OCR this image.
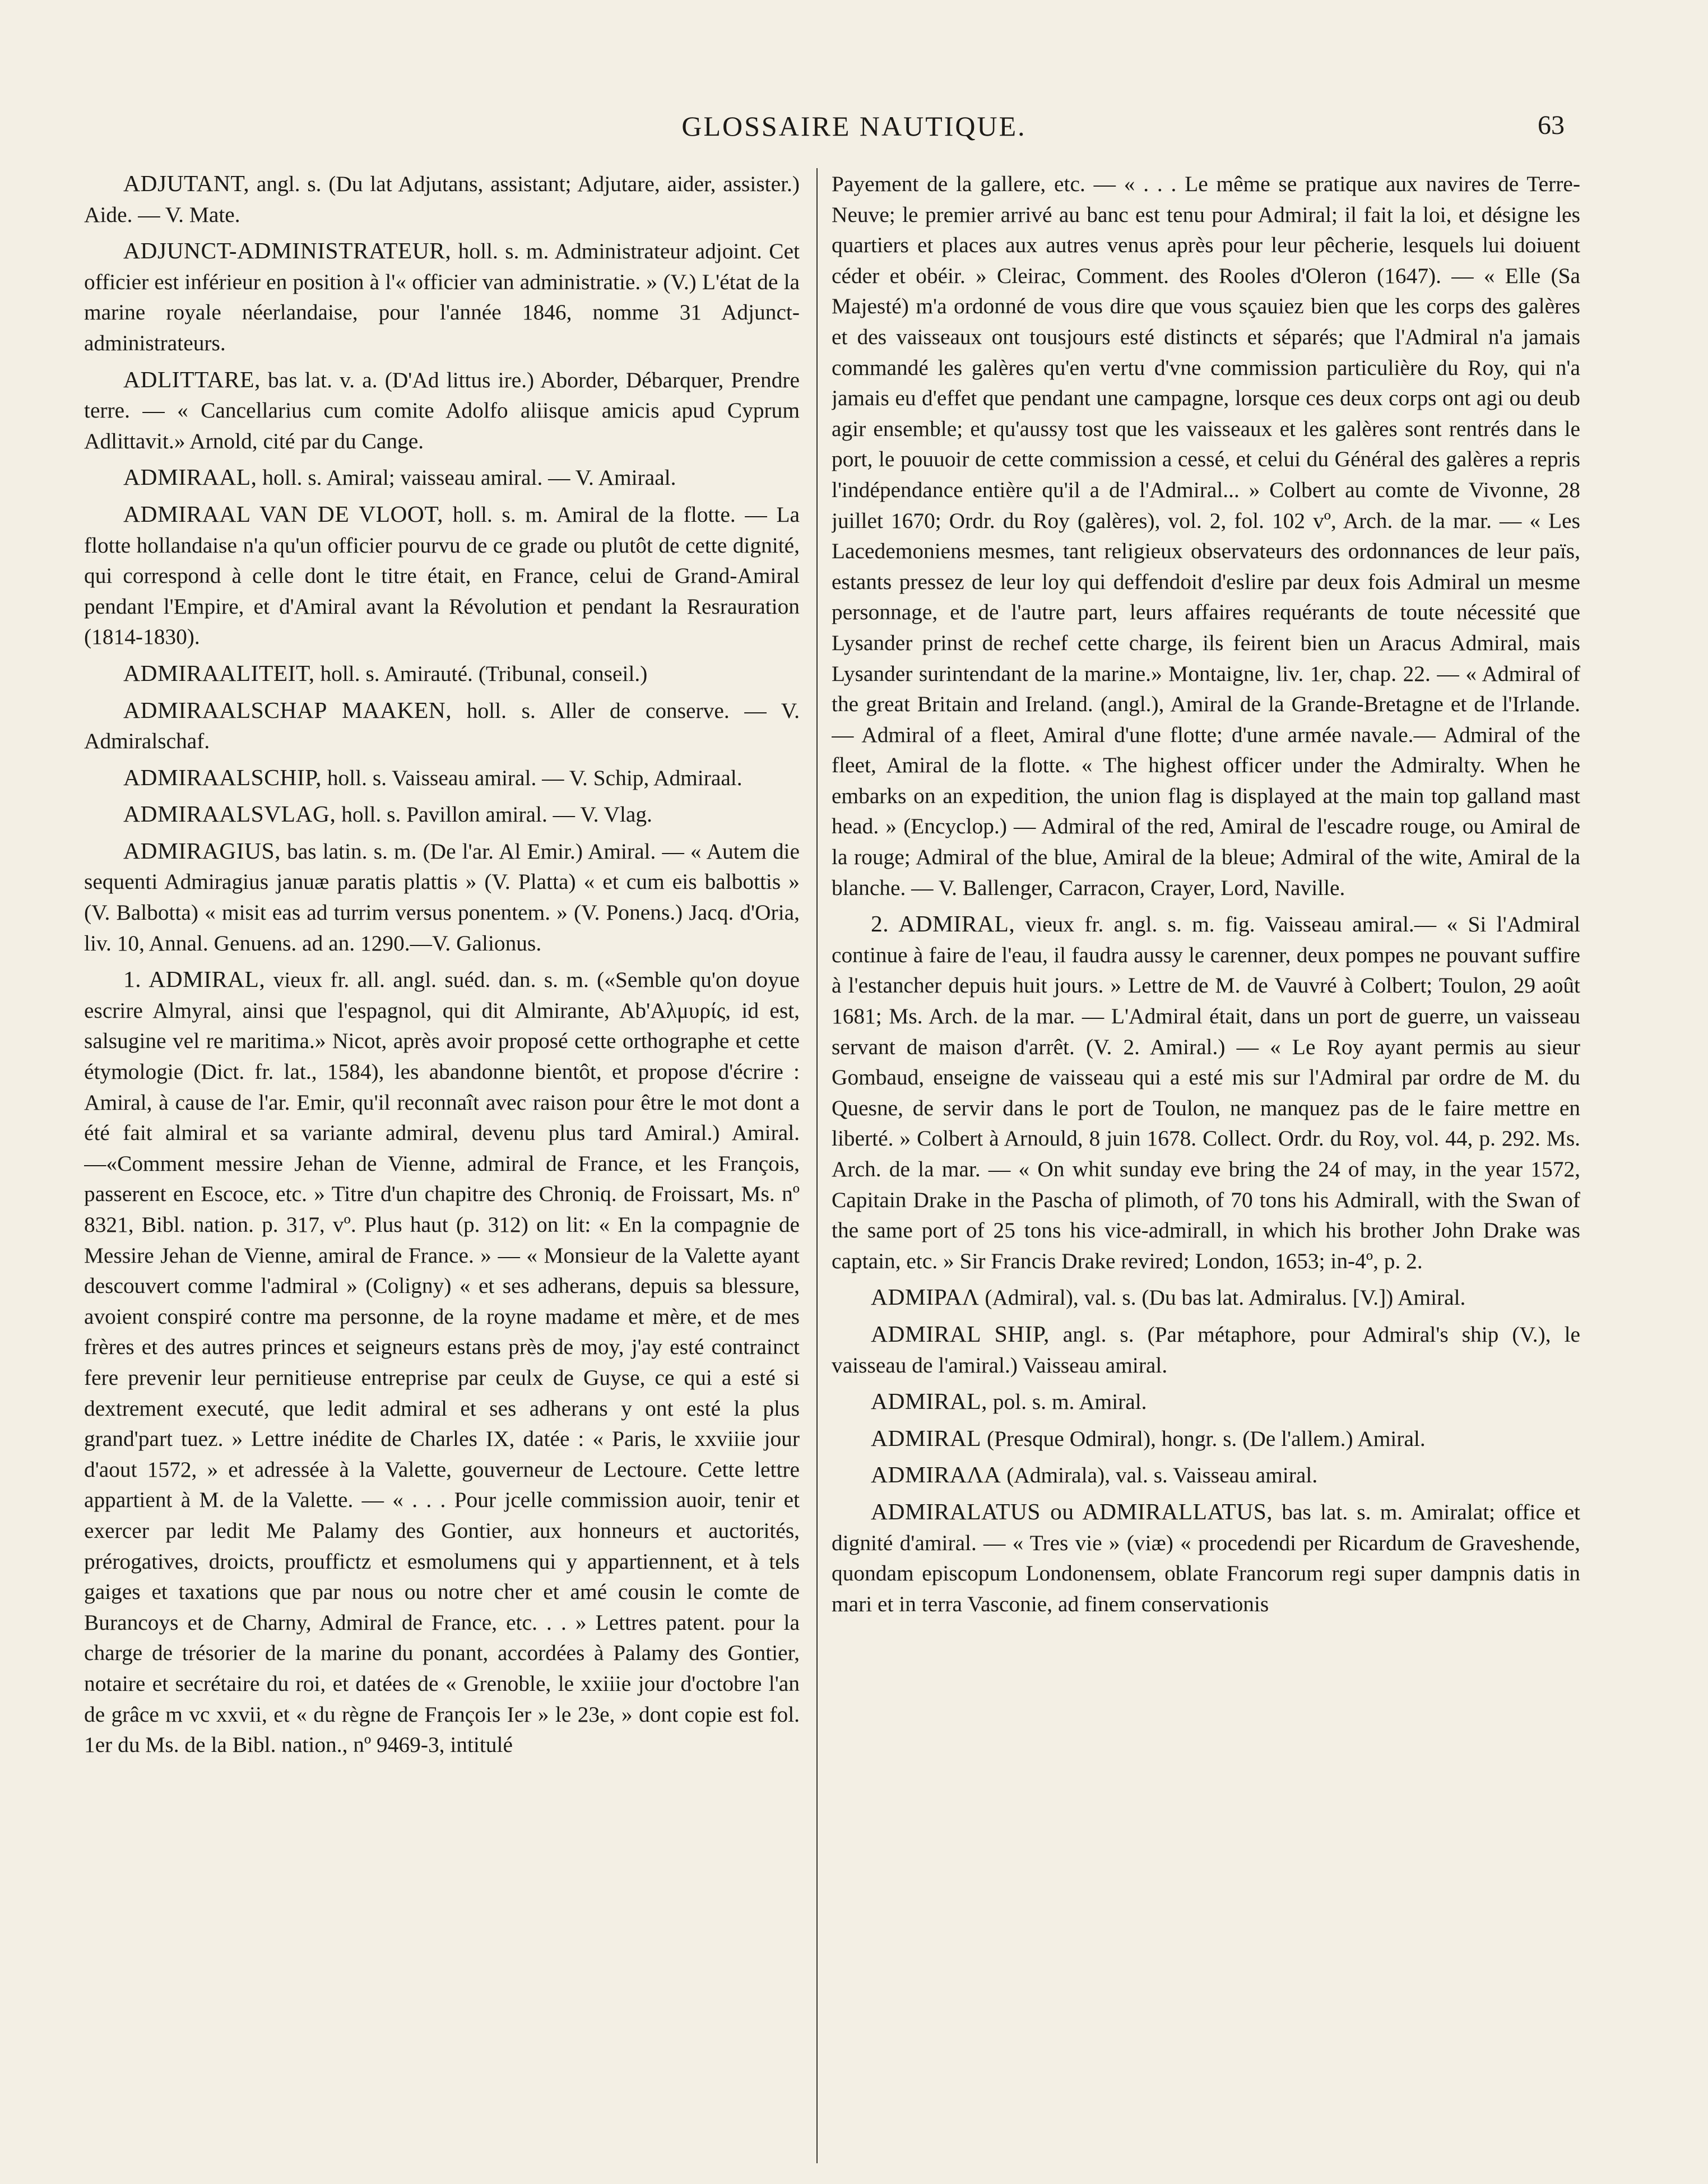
GLOSSAIRE NAUTIQUE.	63

ADJUTANT, angl. s. (Du lat Adjutans, assistant; Adjutare, aider, assister.) Aide. — V. Mate.

ADJUNCT-ADMINISTRATEUR, holl. s. m. Administrateur adjoint. Cet officier est inférieur en position à l'« officier van administratie. » (V.) L'état de la marine royale néerlandaise, pour l'année 1846, nomme 31 Adjunct-administrateurs.

ADLITTARE, bas lat. v. a. (D'Ad littus ire.) Aborder, Débarquer, Prendre terre. — « Cancellarius cum comite Adolfo aliisque amicis apud Cyprum Adlittavit.» Arnold, cité par du Cange.

ADMIRAAL, holl. s. Amiral; vaisseau amiral. — V. Amiraal.

ADMIRAAL VAN DE VLOOT, holl. s. m. Amiral de la flotte. — La flotte hollandaise n'a qu'un officier pourvu de ce grade ou plutôt de cette dignité, qui correspond à celle dont le titre était, en France, celui de Grand-Amiral pendant l'Empire, et d'Amiral avant la Révolution et pendant la Resrauration (1814-1830).

ADMIRAALITEIT, holl. s. Amirauté. (Tribunal, conseil.)

ADMIRAALSCHAP MAAKEN, holl. s. Aller de conserve. — V. Admiralschaf.

ADMIRAALSCHIP, holl. s. Vaisseau amiral. — V. Schip, Admiraal.

ADMIRAALSVLAG, holl. s. Pavillon amiral. — V. Vlag.

ADMIRAGIUS, bas latin. s. m. (De l'ar. Al Emir.) Amiral. — « Autem die sequenti Admiragius januæ paratis plattis » (V. Platta) « et cum eis balbottis » (V. Balbotta) « misit eas ad turrim versus ponentem. » (V. Ponens.) Jacq. d'Oria, liv. 10, Annal. Genuens. ad an. 1290.—V. Galionus.

1. ADMIRAL, vieux fr. all. angl. suéd. dan. s. m. («Semble qu'on doyue escrire Almyral, ainsi que l'espagnol, qui dit Almirante, Ab'Αλμυρίς, id est, salsugine vel re maritima.» Nicot, après avoir proposé cette orthographe et cette étymologie (Dict. fr. lat., 1584), les abandonne bientôt, et propose d'écrire : Amiral, à cause de l'ar. Emir, qu'il reconnaît avec raison pour être le mot dont a été fait almiral et sa variante admiral, devenu plus tard Amiral.) Amiral.—«Comment messire Jehan de Vienne, admiral de France, et les François, passerent en Escoce, etc. » Titre d'un chapitre des Chroniq. de Froissart, Ms. nº 8321, Bibl. nation. p. 317, vº. Plus haut (p. 312) on lit: « En la compagnie de Messire Jehan de Vienne, amiral de France. » — « Monsieur de la Valette ayant descouvert comme l'admiral » (Coligny) « et ses adherans, depuis sa blessure, avoient conspiré contre ma personne, de la royne madame et mère, et de mes frères et des autres princes et seigneurs estans près de moy, j'ay esté contrainct fere prevenir leur pernitieuse entreprise par ceulx de Guyse, ce qui a esté si dextrement executé, que ledit admiral et ses adherans y ont esté la plus grand'part tuez. » Lettre inédite de Charles IX, datée : « Paris, le xxviiie jour d'aout 1572, » et adressée à la Valette, gouverneur de Lectoure. Cette lettre appartient à M. de la Valette. — « . . . Pour jcelle commission auoir, tenir et exercer par ledit Me Palamy des Gontier, aux honneurs et auctorités, prérogatives, droicts, prouffictz et esmolumens qui y appartiennent, et à tels gaiges et taxations que par nous ou notre cher et amé cousin le comte de Burancoys et de Charny, Admiral de France, etc. . . » Lettres patent. pour la charge de trésorier de la marine du ponant, accordées à Palamy des Gontier, notaire et secrétaire du roi, et datées de « Grenoble, le xxiiie jour d'octobre l'an de grâce m vc xxvii, et « du règne de François Ier » le 23e, » dont copie est fol. 1er du Ms. de la Bibl. nation., nº 9469-3, intitulé

Payement de la gallere, etc. — « . . . Le même se pratique aux navires de Terre-Neuve; le premier arrivé au banc est tenu pour Admiral; il fait la loi, et désigne les quartiers et places aux autres venus après pour leur pêcherie, lesquels lui doiuent céder et obéir. » Cleirac, Comment. des Rooles d'Oleron (1647). — « Elle (Sa Majesté) m'a ordonné de vous dire que vous sçauiez bien que les corps des galères et des vaisseaux ont tousjours esté distincts et séparés; que l'Admiral n'a jamais commandé les galères qu'en vertu d'vne commission particulière du Roy, qui n'a jamais eu d'effet que pendant une campagne, lorsque ces deux corps ont agi ou deub agir ensemble; et qu'aussy tost que les vaisseaux et les galères sont rentrés dans le port, le pouuoir de cette commission a cessé, et celui du Général des galères a repris l'indépendance entière qu'il a de l'Admiral... » Colbert au comte de Vivonne, 28 juillet 1670; Ordr. du Roy (galères), vol. 2, fol. 102 vº, Arch. de la mar. — « Les Lacedemoniens mesmes, tant religieux observateurs des ordonnances de leur païs, estants pressez de leur loy qui deffendoit d'eslire par deux fois Admiral un mesme personnage, et de l'autre part, leurs affaires requérants de toute nécessité que Lysander prinst de rechef cette charge, ils feirent bien un Aracus Admiral, mais Lysander surintendant de la marine.» Montaigne, liv. 1er, chap. 22. — « Admiral of the great Britain and Ireland. (angl.), Amiral de la Grande-Bretagne et de l'Irlande. — Admiral of a fleet, Amiral d'une flotte; d'une armée navale.— Admiral of the fleet, Amiral de la flotte. « The highest officer under the Admiralty. When he embarks on an expedition, the union flag is displayed at the main top galland mast head. » (Encyclop.) — Admiral of the red, Amiral de l'escadre rouge, ou Amiral de la rouge; Admiral of the blue, Amiral de la bleue; Admiral of the wite, Amiral de la blanche. — V. Ballenger, Carracon, Crayer, Lord, Naville.

2. ADMIRAL, vieux fr. angl. s. m. fig. Vaisseau amiral.— « Si l'Admiral continue à faire de l'eau, il faudra aussy le carenner, deux pompes ne pouvant suffire à l'estancher depuis huit jours. » Lettre de M. de Vauvré à Colbert; Toulon, 29 août 1681; Ms. Arch. de la mar. — L'Admiral était, dans un port de guerre, un vaisseau servant de maison d'arrêt. (V. 2. Amiral.) — « Le Roy ayant permis au sieur Gombaud, enseigne de vaisseau qui a esté mis sur l'Admiral par ordre de M. du Quesne, de servir dans le port de Toulon, ne manquez pas de le faire mettre en liberté. » Colbert à Arnould, 8 juin 1678. Collect. Ordr. du Roy, vol. 44, p. 292. Ms. Arch. de la mar. — « On whit sunday eve bring the 24 of may, in the year 1572, Capitain Drake in the Pascha of plimoth, of 70 tons his Admirall, with the Swan of the same port of 25 tons his vice-admirall, in which his brother John Drake was captain, etc. » Sir Francis Drake revired; London, 1653; in-4º, p. 2.

ADMIPAΛ (Admiral), val. s. (Du bas lat. Admiralus. [V.]) Amiral.

ADMIRAL SHIP, angl. s. (Par métaphore, pour Admiral's ship (V.), le vaisseau de l'amiral.) Vaisseau amiral.

ADMIRAL, pol. s. m. Amiral.

ADMIRAL (Presque Odmiral), hongr. s. (De l'allem.) Amiral.

ADMIRAΛA (Admirala), val. s. Vaisseau amiral.

ADMIRALATUS ou ADMIRALLATUS, bas lat. s. m. Amiralat; office et dignité d'amiral. — « Tres vie » (viæ) « procedendi per Ricardum de Graveshende, quondam episcopum Londonensem, oblate Francorum regi super dampnis datis in mari et in terra Vasconie, ad finem conservationis
